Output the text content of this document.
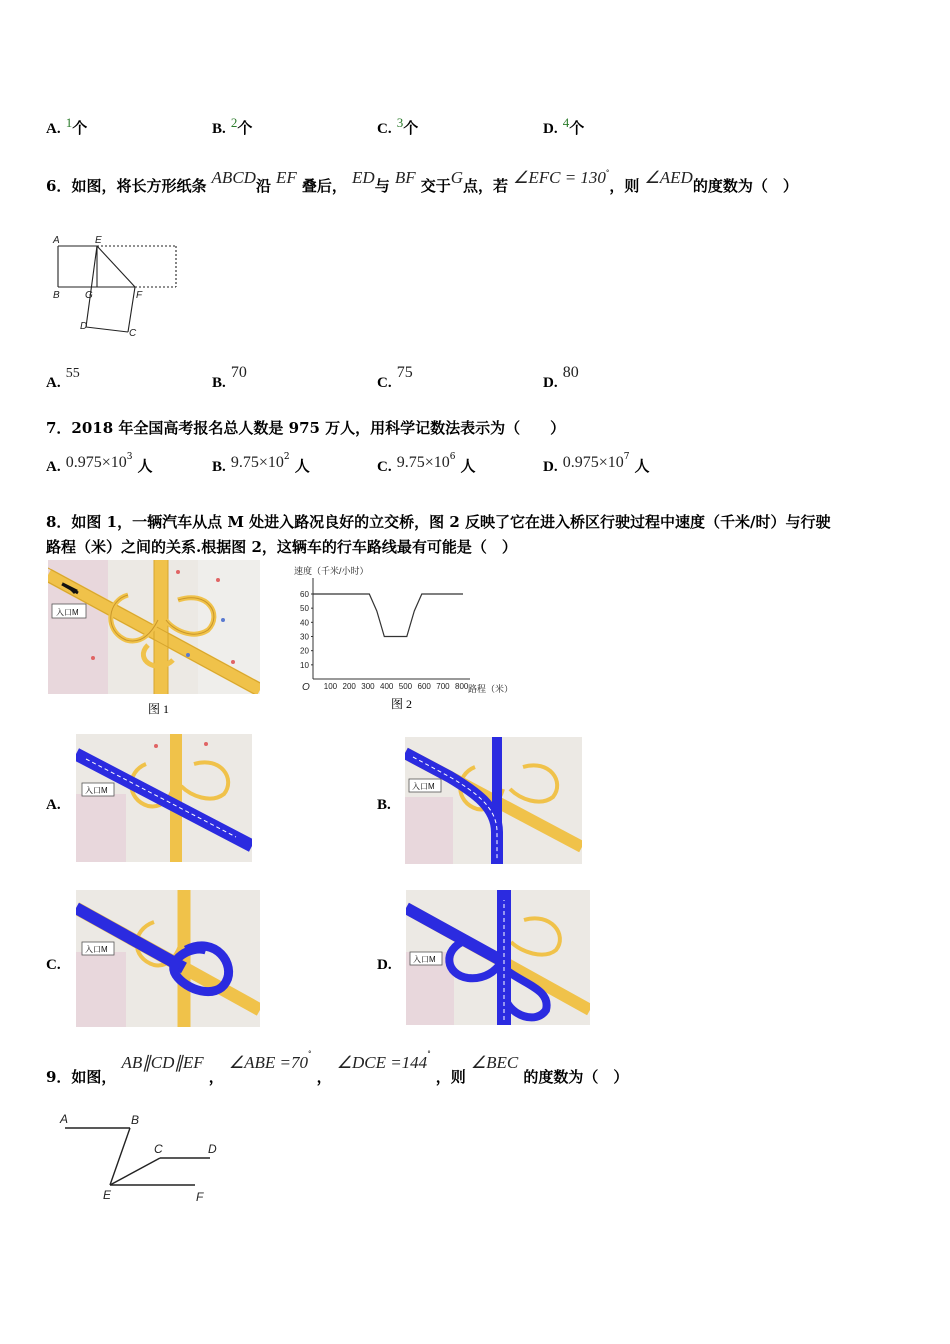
A. $^1$个	B. $^2$个	C. $^3$个	D. $^4$个
6．如图，将长方形纸条 ABCD沿 EF 叠后， ED与 BF 交于G点，若 ∠EFC = 130°，则 ∠AED的度数为（　）
A	E
B	G	F
D
C
A. 55
B. 70
C. 75
D. 80
7．2018 年全国高考报名总人数是 975 万人，用科学记数法表示为（　　）
A. $0.975\times 10^3$ 人	B. $9.75\times 10^2$ 人	C. $9.75\times 10^6$ 人	D. $0.975\times 10^7$ 人
8．如图 1，一辆汽车从点 M 处进入路况良好的立交桥，图 2 反映了它在进入桥区行驶过程中速度（千米/时）与行驶
路程（米）之间的关系.根据图 2，这辆车的行车路线最有可能是（　）
入口M
图 1
速度（千米/小时）
路程（米）
O 100 200 300 400 500 600 700 800
10
20
30
40
50
60
图 2
A.
入口M
B.
入口M
C.
入口M
D.	入口M
9．如图， AB∥CD∥EF ， ∠ABE =70° ， ∠DCE =144° ，则 ∠BEC 的度数为（　）
A	B
C	D
E	F
